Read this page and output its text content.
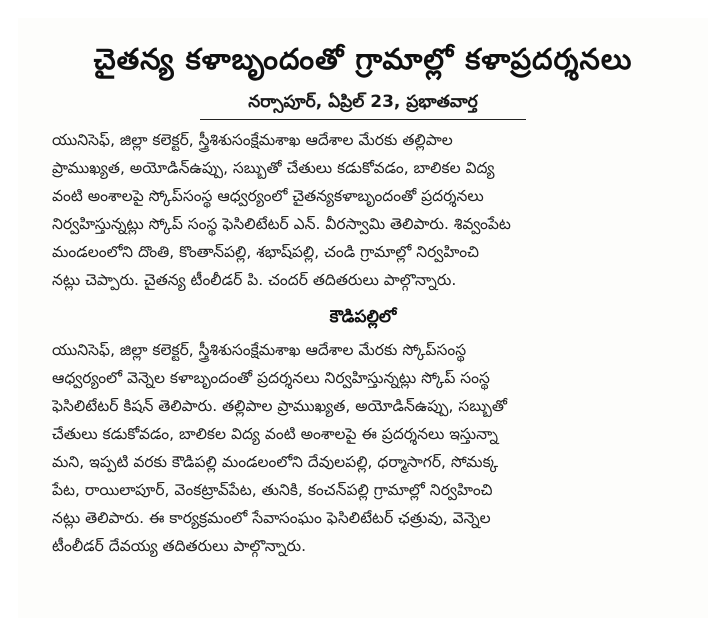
చైతన్య కళాబృందంతో గ్రామాల్లో కళాప్రదర్శనలు
నర్సాపూర్, ఏప్రిల్ 23, ప్రభాతవార్త
యునిసెఫ్, జిల్లా కలెక్టర్, స్త్రీశిశుసంక్షేమశాఖ ఆదేశాల మేరకు తల్లిపాల
ప్రాముఖ్యత, అయోడిన్‌ఉప్పు, సబ్బుతో చేతులు కడుకోవడం, బాలికల విద్య
వంటి అంశాలపై స్కోప్‌సంస్థ ఆధ్వర్యంలో చైతన్యకళాబృందంతో ప్రదర్శనలు
నిర్వహిస్తున్నట్లు స్కోప్ సంస్థ ఫెసిలిటేటర్ ఎన్. వీరస్వామి తెలిపారు. శివ్వంపేట
మండలంలోని దొంతి, కొంతాన్‌పల్లి, శభాష్‌పల్లి, చండి గ్రామాల్లో నిర్వహించి
నట్లు చెప్పారు. చైతన్య టీంలీడర్ పి. చందర్ తదితరులు పాల్గొన్నారు.
కౌడిపల్లిలో
యునిసెఫ్, జిల్లా కలెక్టర్, స్త్రీశిశుసంక్షేమశాఖ ఆదేశాల మేరకు స్కోప్‌సంస్థ
ఆధ్వర్యంలో వెన్నెల కళాబృందంతో ప్రదర్శనలు నిర్వహిస్తున్నట్లు స్కోప్ సంస్థ
ఫెసిలిటేటర్ కిషన్ తెలిపారు. తల్లిపాల ప్రాముఖ్యత, అయోడిన్‌ఉప్పు, సబ్బుతో
చేతులు కడుకోవడం, బాలికల విద్య వంటి అంశాలపై ఈ ప్రదర్శనలు ఇస్తున్నా
మని, ఇప్పటి వరకు కౌడిపల్లి మండలంలోని దేవులపల్లి, ధర్మాసాగర్, సోమక్క
పేట, రాయిలాపూర్, వెంకట్రావ్‌పేట, తునికి, కంచన్‌పల్లి గ్రామాల్లో నిర్వహించి
నట్లు తెలిపారు. ఈ కార్యక్రమంలో సేవాసంఘం ఫెసిలిటేటర్ ఛత్రువు, వెన్నెల
టీంలీడర్ దేవయ్య తదితరులు పాల్గొన్నారు.
